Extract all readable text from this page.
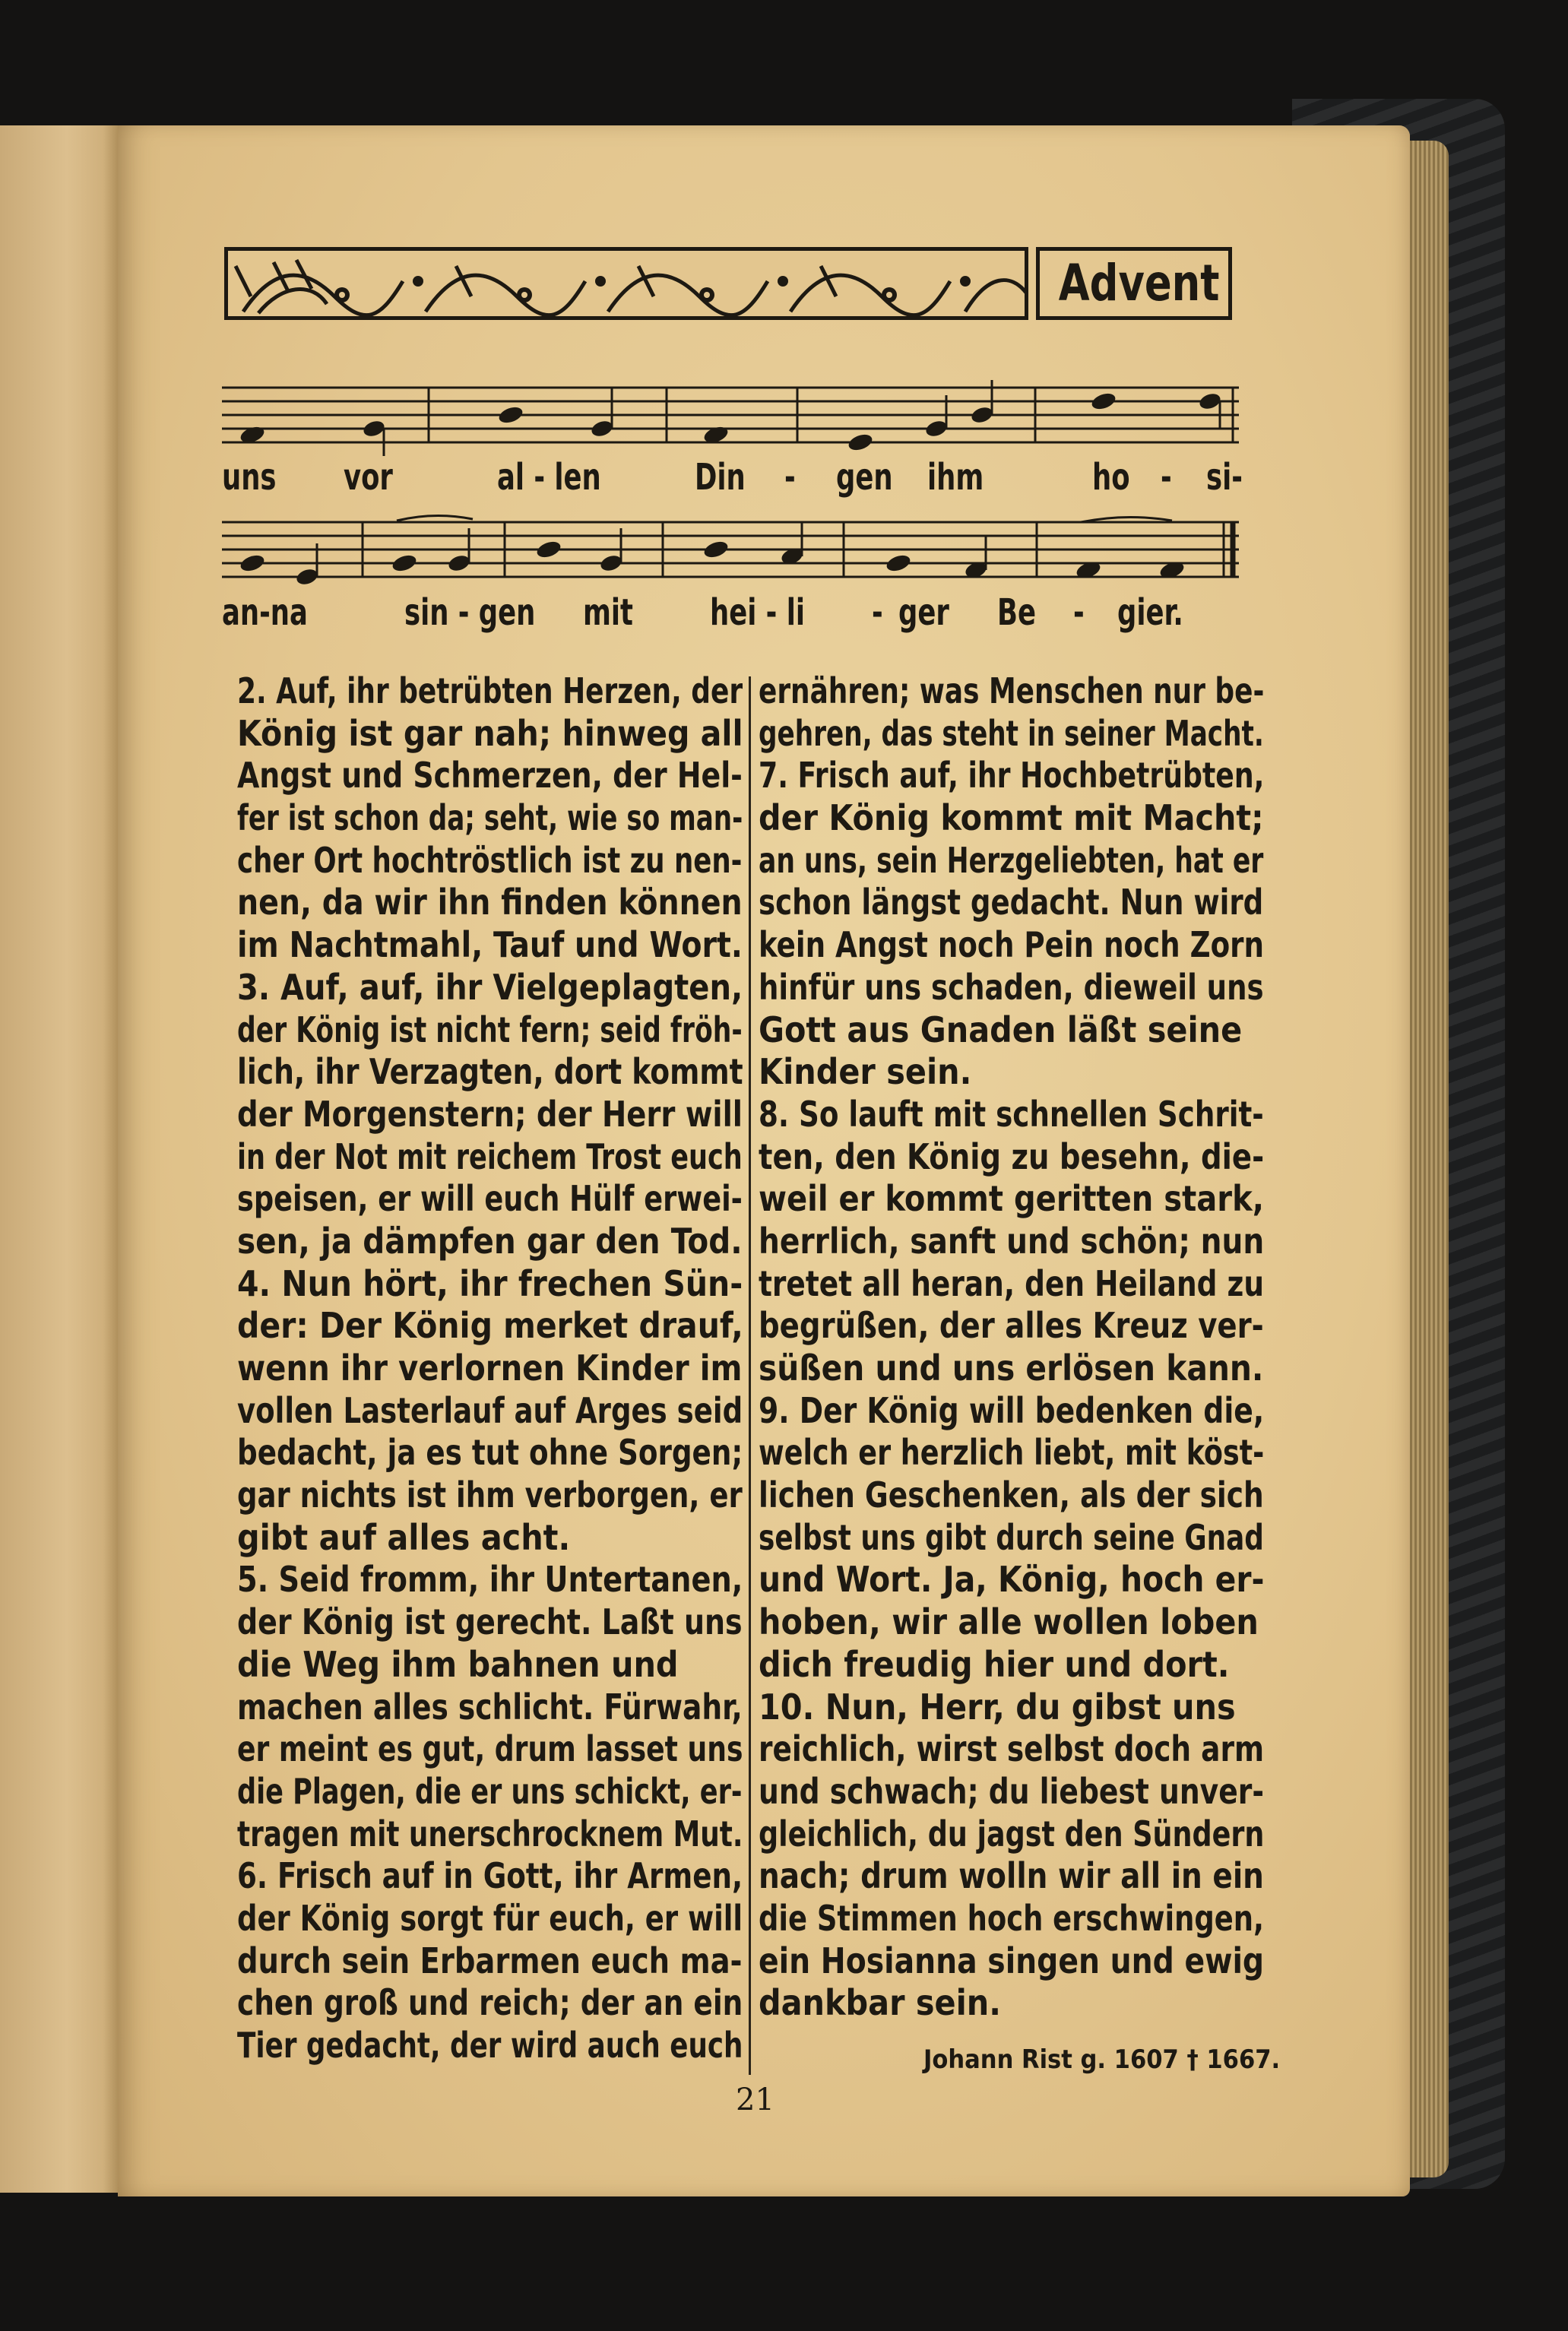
Advent
uns vor	al - len	Din - gen ihm	ho - si-
an-na	sin - gen mit hei - li - ger Be - gier.
2. Auf, ihr betrübten Herzen, der
König ist gar nah; hinweg all
Angst und Schmerzen, der Hel-
fer ist schon da; seht, wie so man-
cher Ort hochtröstlich ist zu nen-
nen, da wir ihn finden können
im Nachtmahl, Tauf und Wort.
3. Auf, auf, ihr Vielgeplagten,
der König ist nicht fern; seid fröh-
lich, ihr Verzagten, dort kommt
der Morgenstern; der Herr will
in der Not mit reichem Trost euch
speisen, er will euch Hülf erwei-
sen, ja dämpfen gar den Tod.
4. Nun hört, ihr frechen Sün-
der: Der König merket drauf,
wenn ihr verlornen Kinder im
vollen Lasterlauf auf Arges seid
bedacht, ja es tut ohne Sorgen;
gar nichts ist ihm verborgen, er
gibt auf alles acht.
5. Seid fromm, ihr Untertanen,
der König ist gerecht. Laßt uns
die Weg ihm bahnen und
machen alles schlicht. Fürwahr,
er meint es gut, drum lasset uns
die Plagen, die er uns schickt, er-
tragen mit unerschrocknem Mut.
6. Frisch auf in Gott, ihr Armen,
der König sorgt für euch, er will
durch sein Erbarmen euch ma-
chen groß und reich; der an ein
Tier gedacht, der wird auch euch
ernähren; was Menschen nur be-
gehren, das steht in seiner Macht.
7. Frisch auf, ihr Hochbetrübten,
der König kommt mit Macht;
an uns, sein Herzgeliebten, hat er
schon längst gedacht. Nun wird
kein Angst noch Pein noch Zorn
hinfür uns schaden, dieweil uns
Gott aus Gnaden läßt seine
Kinder sein.
8. So lauft mit schnellen Schrit-
ten, den König zu besehn, die-
weil er kommt geritten stark,
herrlich, sanft und schön; nun
tretet all heran, den Heiland zu
begrüßen, der alles Kreuz ver-
süßen und uns erlösen kann.
9. Der König will bedenken die,
welch er herzlich liebt, mit köst-
lichen Geschenken, als der sich
selbst uns gibt durch seine Gnad
und Wort. Ja, König, hoch er-
hoben, wir alle wollen loben
dich freudig hier und dort.
10. Nun, Herr, du gibst uns
reichlich, wirst selbst doch arm
und schwach; du liebest unver-
gleichlich, du jagst den Sündern
nach; drum wolln wir all in ein
die Stimmen hoch erschwingen,
ein Hosianna singen und ewig
dankbar sein.
Johann Rist g. 1607 † 1667.
21
